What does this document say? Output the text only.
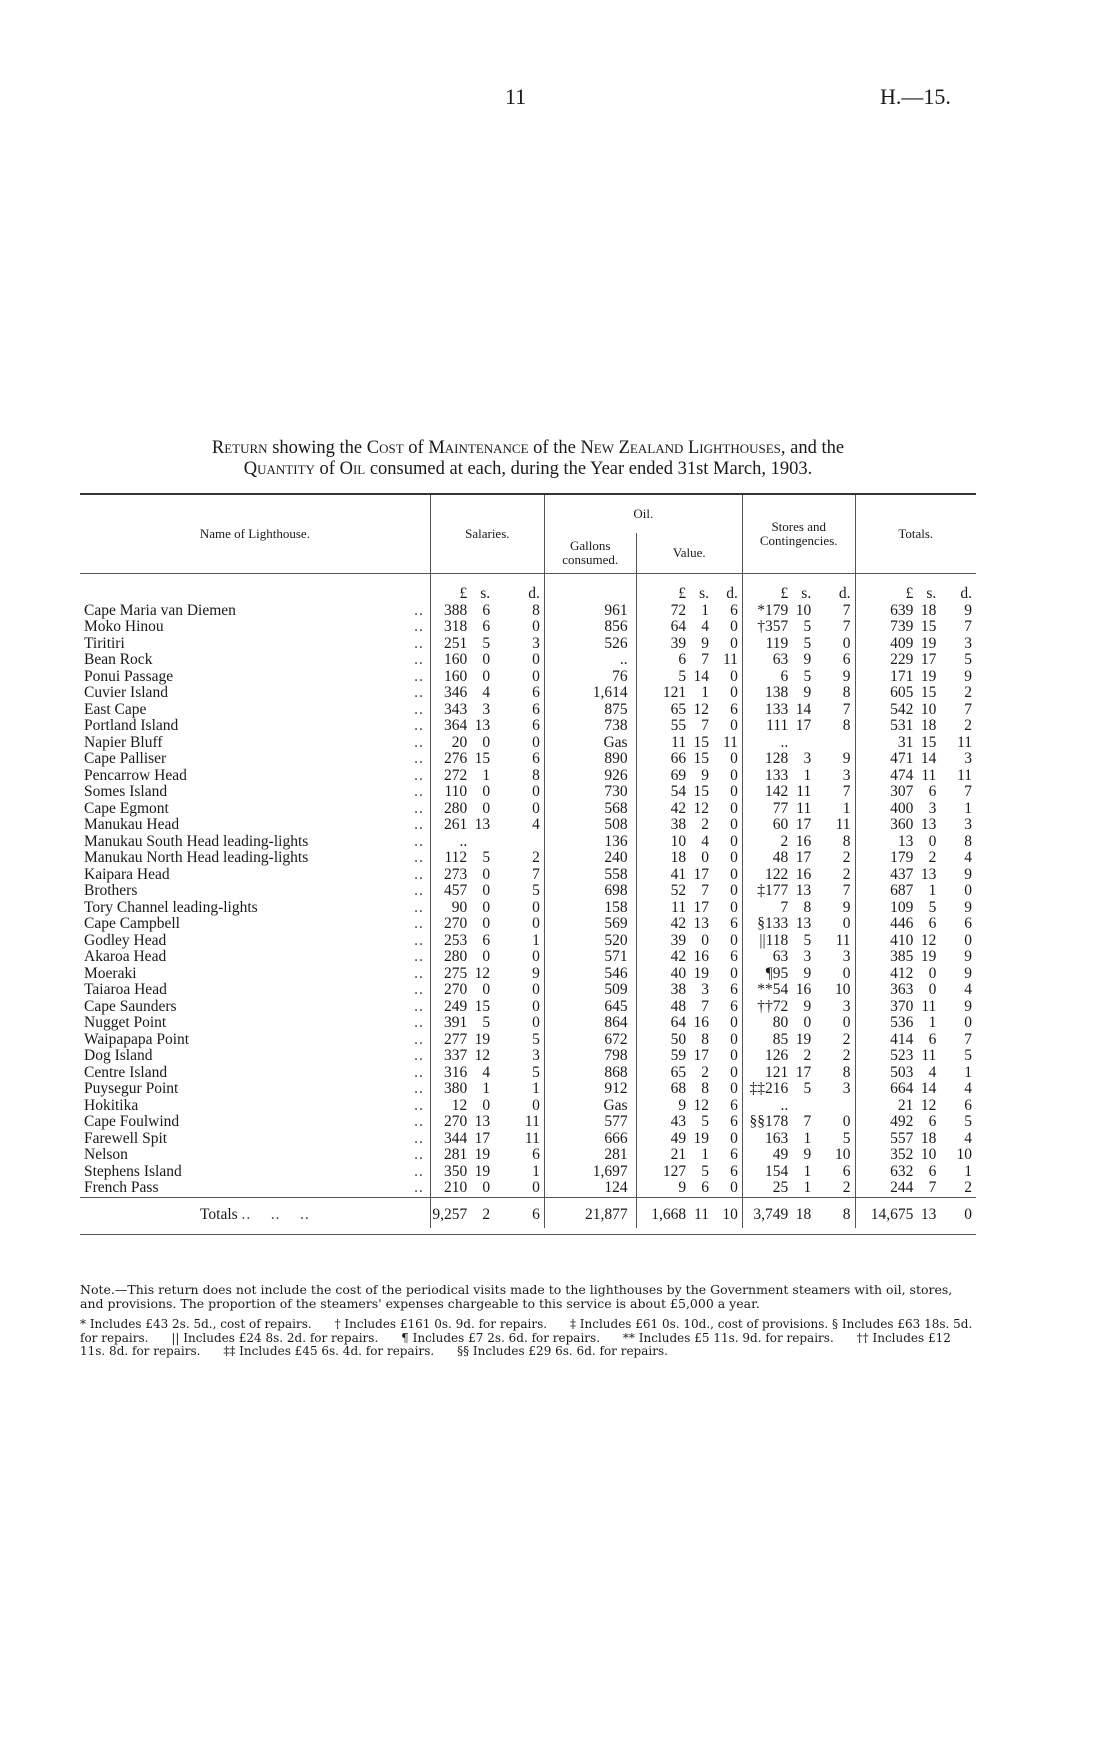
11	H.—15.
Return showing the Cost of Maintenance of the New Zealand Lighthouses, and the
Quantity of Oil consumed at each, during the Year ended 31st March, 1903.
Name of Lighthouse.	Salaries.			Oil.				Stores and Contingencies.			Totals.		
				Gallons consumed.	Value.								

	£	s.	d.		£	s.	d.	£	s.	d.	£	s.	d.
Cape Maria van Diemen ..	388	6	8	961	72	1	6	*179	10	7	639	18	9
Moko Hinou ..	318	6	0	856	64	4	0	†357	5	7	739	15	7
Tiritiri ..	251	5	3	526	39	9	0	119	5	0	409	19	3
Bean Rock ..	160	0	0	..	6	7	11	63	9	6	229	17	5
Ponui Passage ..	160	0	0	76	5	14	0	6	5	9	171	19	9
Cuvier Island ..	346	4	6	1,614	121	1	0	138	9	8	605	15	2
East Cape ..	343	3	6	875	65	12	6	133	14	7	542	10	7
Portland Island ..	364	13	6	738	55	7	0	111	17	8	531	18	2
Napier Bluff ..	20	0	0	Gas	11	15	11	..			31	15	11
Cape Palliser ..	276	15	6	890	66	15	0	128	3	9	471	14	3
Pencarrow Head ..	272	1	8	926	69	9	0	133	1	3	474	11	11
Somes Island ..	110	0	0	730	54	15	0	142	11	7	307	6	7
Cape Egmont ..	280	0	0	568	42	12	0	77	11	1	400	3	1
Manukau Head ..	261	13	4	508	38	2	0	60	17	11	360	13	3
Manukau South Head leading-lights ..	..			136	10	4	0	2	16	8	13	0	8
Manukau North Head leading-lights ..	112	5	2	240	18	0	0	48	17	2	179	2	4
Kaipara Head ..	273	0	7	558	41	17	0	122	16	2	437	13	9
Brothers ..	457	0	5	698	52	7	0	‡177	13	7	687	1	0
Tory Channel leading-lights ..	90	0	0	158	11	17	0	7	8	9	109	5	9
Cape Campbell ..	270	0	0	569	42	13	6	§133	13	0	446	6	6
Godley Head ..	253	6	1	520	39	0	0	||118	5	11	410	12	0
Akaroa Head ..	280	0	0	571	42	16	6	63	3	3	385	19	9
Moeraki ..	275	12	9	546	40	19	0	¶95	9	0	412	0	9
Taiaroa Head ..	270	0	0	509	38	3	6	**54	16	10	363	0	4
Cape Saunders ..	249	15	0	645	48	7	6	††72	9	3	370	11	9
Nugget Point ..	391	5	0	864	64	16	0	80	0	0	536	1	0
Waipapapa Point ..	277	19	5	672	50	8	0	85	19	2	414	6	7
Dog Island ..	337	12	3	798	59	17	0	126	2	2	523	11	5
Centre Island ..	316	4	5	868	65	2	0	121	17	8	503	4	1
Puysegur Point ..	380	1	1	912	68	8	0	‡‡216	5	3	664	14	4
Hokitika ..	12	0	0	Gas	9	12	6	..			21	12	6
Cape Foulwind ..	270	13	11	577	43	5	6	§§178	7	0	492	6	5
Farewell Spit ..	344	17	11	666	49	19	0	163	1	5	557	18	4
Nelson ..	281	19	6	281	21	1	6	49	9	10	352	10	10
Stephens Island ..	350	19	1	1,697	127	5	6	154	1	6	632	6	1
French Pass ..	210	0	0	124	9	6	0	25	1	2	244	7	2
Totals ..    ..    ..	9,257	2	6	21,877	1,668	11	10	3,749	18	8	14,675	13	0

Note.—This return does not include the cost of the periodical visits made to the lighthouses by the Government steamers with oil, stores, and provisions. The proportion of the steamers' expenses chargeable to this service is about £5,000 a year.
* Includes £43 2s. 5d., cost of repairs. † Includes £161 0s. 9d. for repairs. ‡ Includes £61 0s. 10d., cost of provisions. § Includes £63 18s. 5d. for repairs. || Includes £24 8s. 2d. for repairs. ¶ Includes £7 2s. 6d. for repairs. ** Includes £5 11s. 9d. for repairs. †† Includes £12 11s. 8d. for repairs. ‡‡ Includes £45 6s. 4d. for repairs. §§ Includes £29 6s. 6d. for repairs.
